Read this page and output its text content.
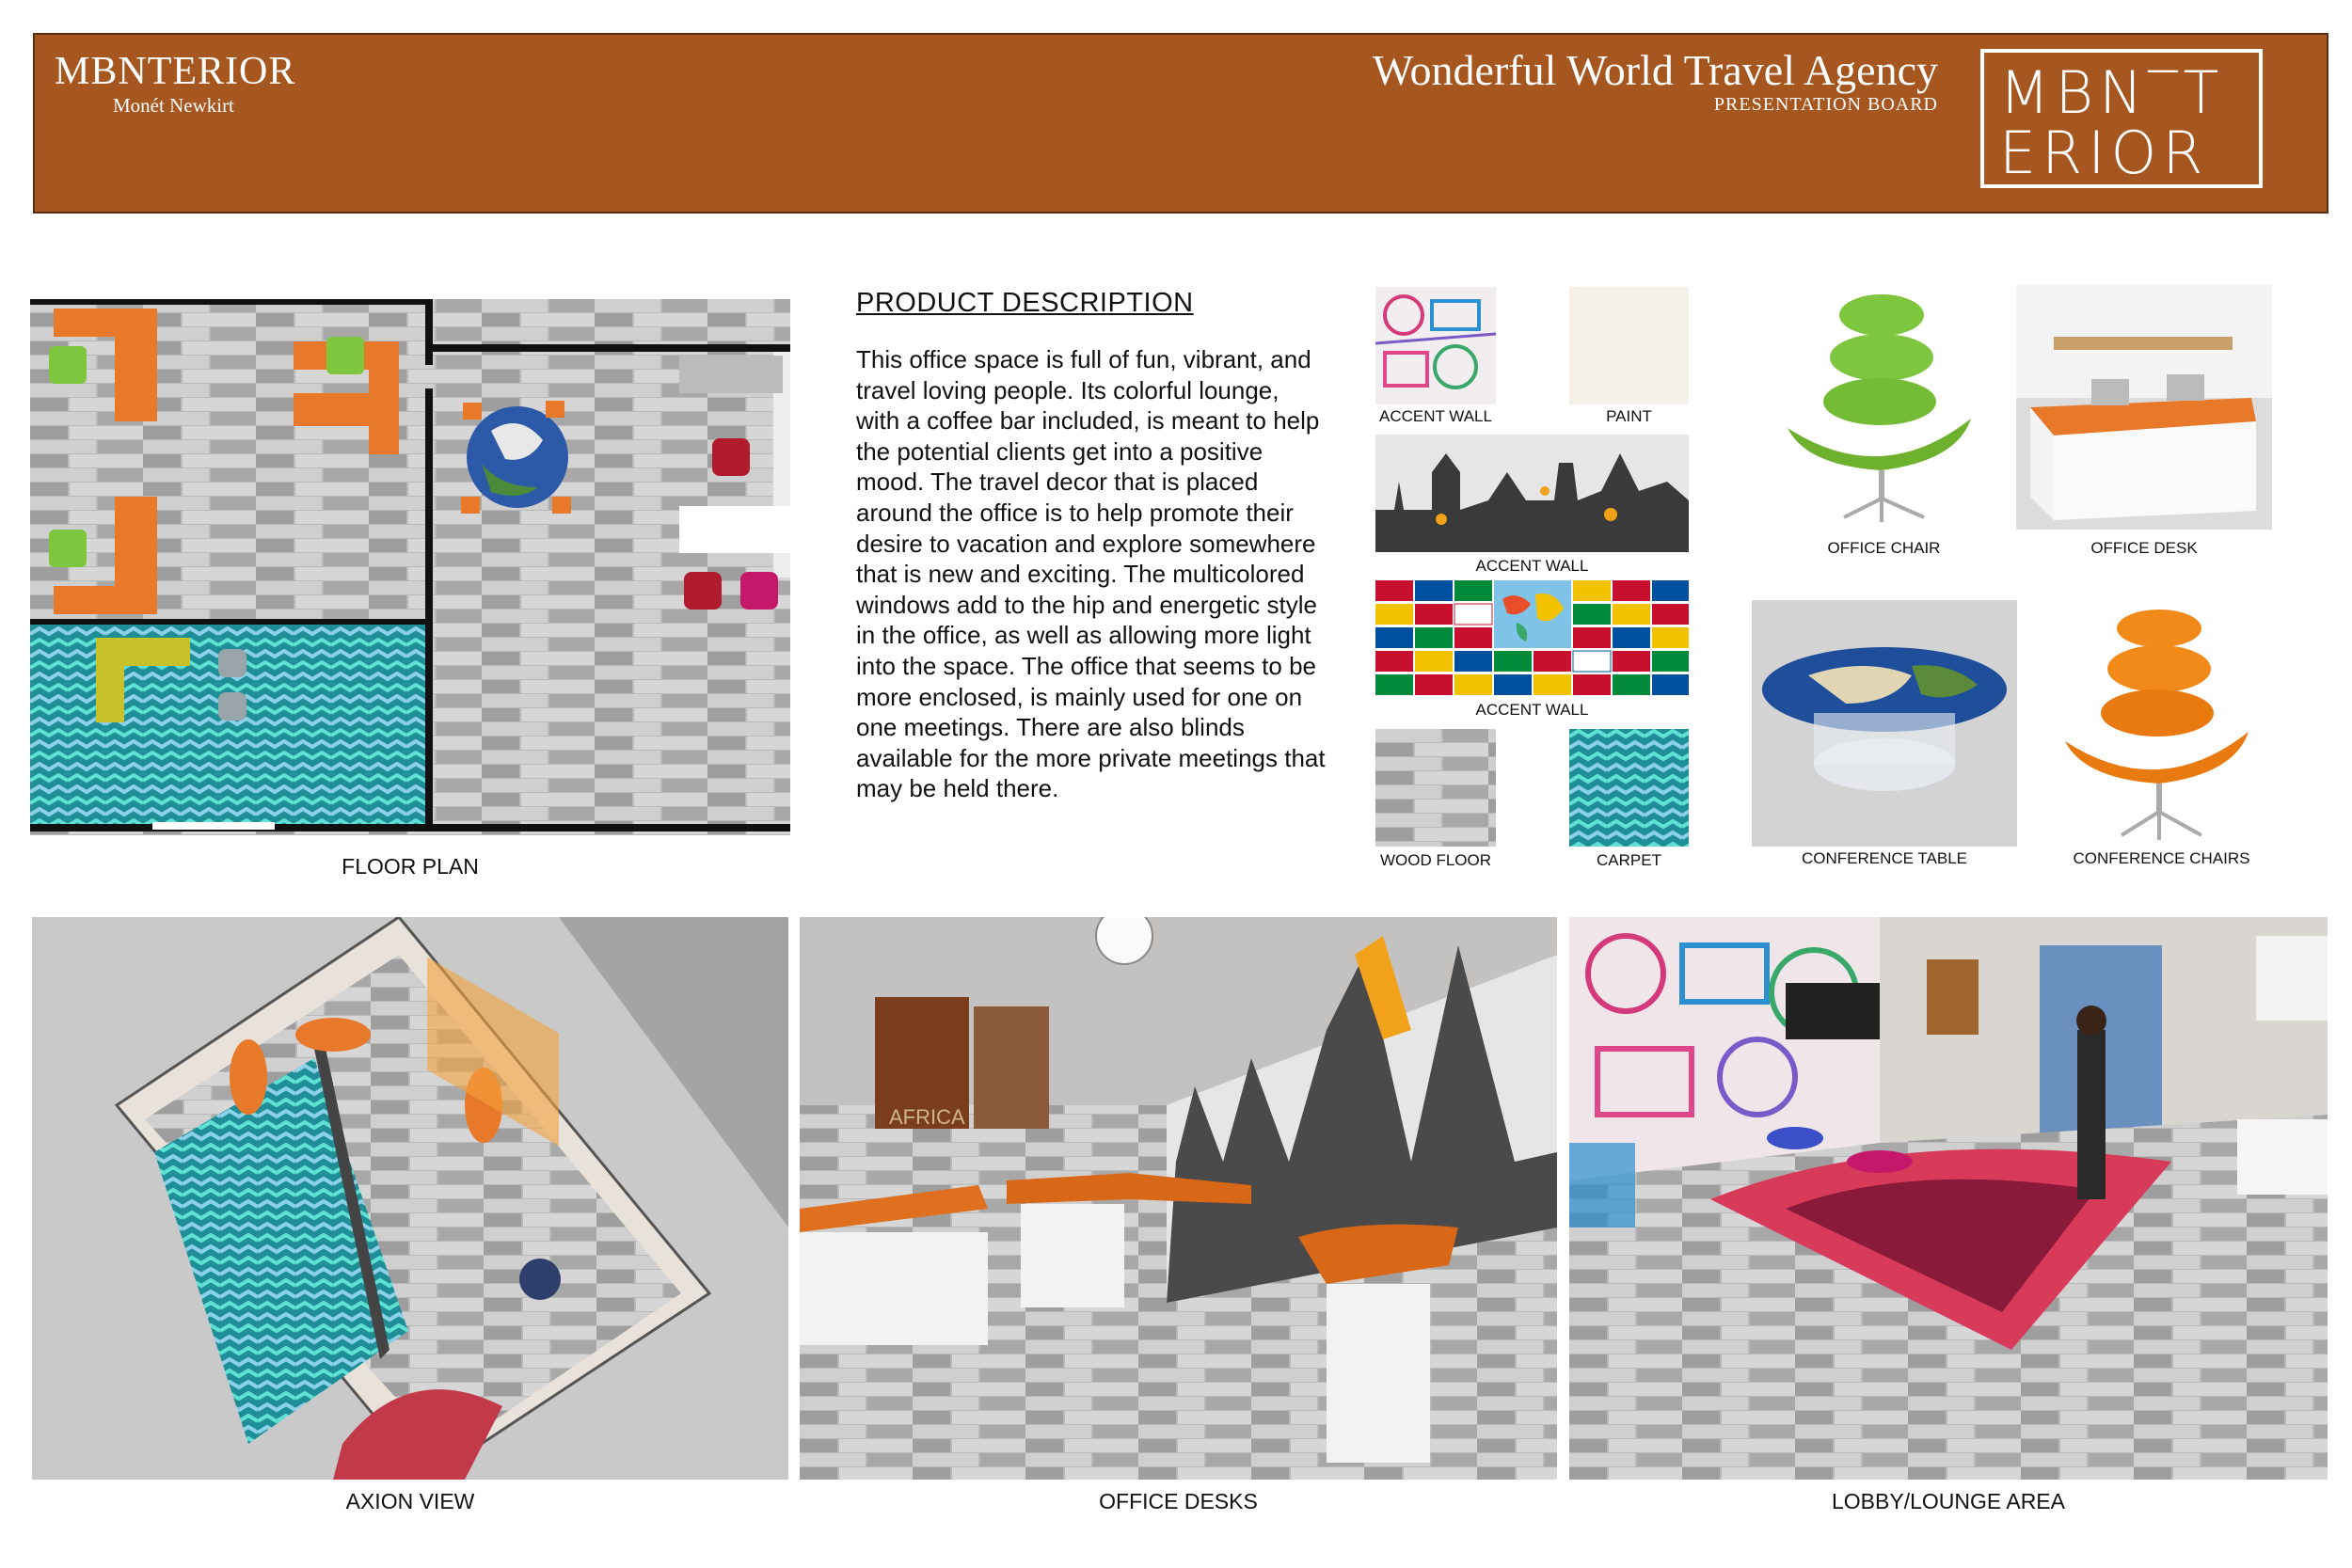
MBNTERIOR
Monét Newkirt
Wonderful World Travel Agency
PRESENTATION BOARD MBN‾T
ERIOR
FLOOR PLAN
PRODUCT DESCRIPTION
This office space is full of fun, vibrant, and travel loving people. Its colorful lounge, with a coffee bar included, is meant to help the potential clients get into a positive mood. The travel decor that is placed around the office is to help promote their desire to vacation and explore somewhere that is new and exciting. The multicolored windows add to the hip and energetic style in the office, as well as allowing more light into the space. The office that seems to be more enclosed, is mainly used for one on one meetings. There are also blinds available for the more private meetings that may be held there.
ACCENT WALL	PAINT
ACCENT WALL
ACCENT WALL
WOOD FLOOR	CARPET
OFFICE CHAIR	OFFICE DESK
CONFERENCE TABLE	CONFERENCE CHAIRS
AXION VIEW
AFRICA
OFFICE DESKS	LOBBY/LOUNGE AREA
